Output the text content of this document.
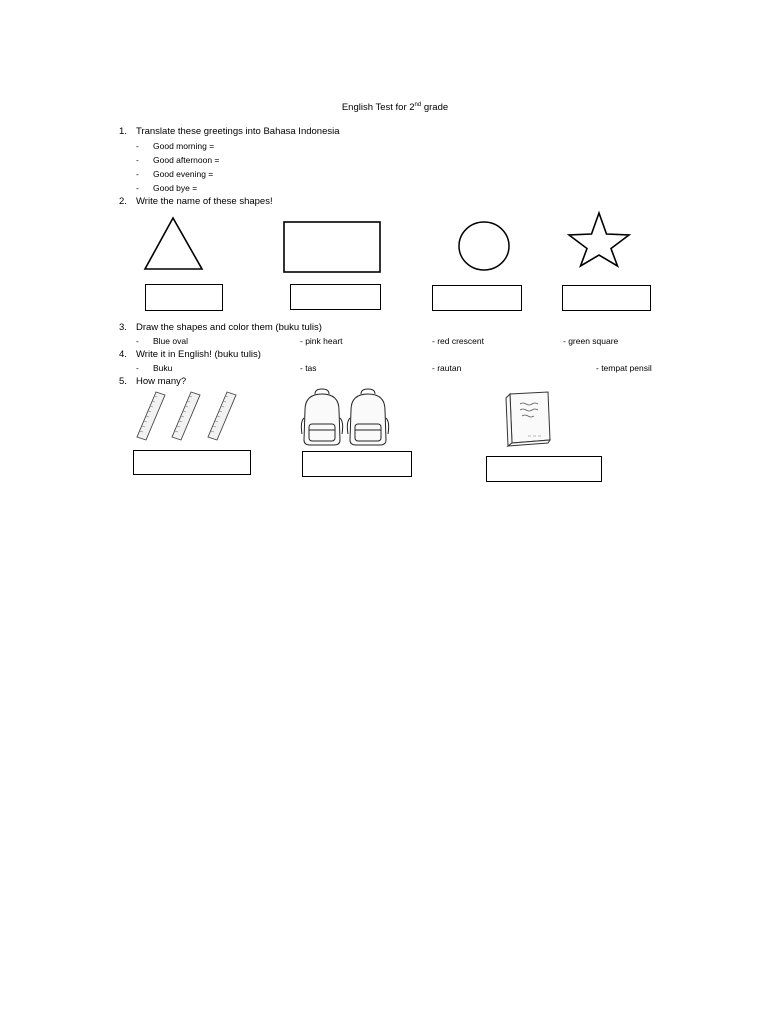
English Test for 2nd grade
1. Translate these greetings into Bahasa Indonesia
- Good morning =
- Good afternoon =
- Good evening =
- Good bye =
2. Write the name of these shapes!
3. Draw the shapes and color them (buku tulis)
- Blue oval	- pink heart	- red crescent	- green square
4. Write it in English! (buku tulis)
- Buku	- tas	- rautan	- tempat pensil
5. How many?
